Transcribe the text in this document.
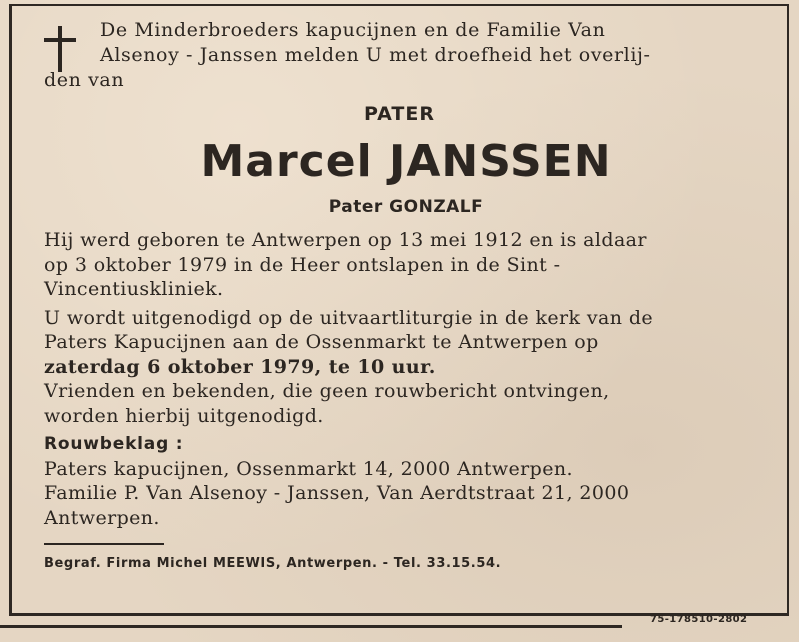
De Minderbroeders kapucijnen en de Familie Van
Alsenoy - Janssen melden U met droefheid het overlij-
den van
PATER
Marcel JANSSEN
Pater GONZALF
Hij werd geboren te Antwerpen op 13 mei 1912 en is aldaar
op 3 oktober 1979 in de Heer ontslapen in de Sint -
Vincentiuskliniek.
U wordt uitgenodigd op de uitvaartliturgie in de kerk van de
Paters Kapucijnen aan de Ossenmarkt te Antwerpen op
zaterdag 6 oktober 1979, te 10 uur.
Vrienden en bekenden, die geen rouwbericht ontvingen,
worden hierbij uitgenodigd.
Rouwbeklag :
Paters kapucijnen, Ossenmarkt 14, 2000 Antwerpen.
Familie P. Van Alsenoy - Janssen, Van Aerdtstraat 21, 2000
Antwerpen.
Begraf. Firma Michel MEEWIS, Antwerpen. - Tel. 33.15.54.
75-178510-2802
